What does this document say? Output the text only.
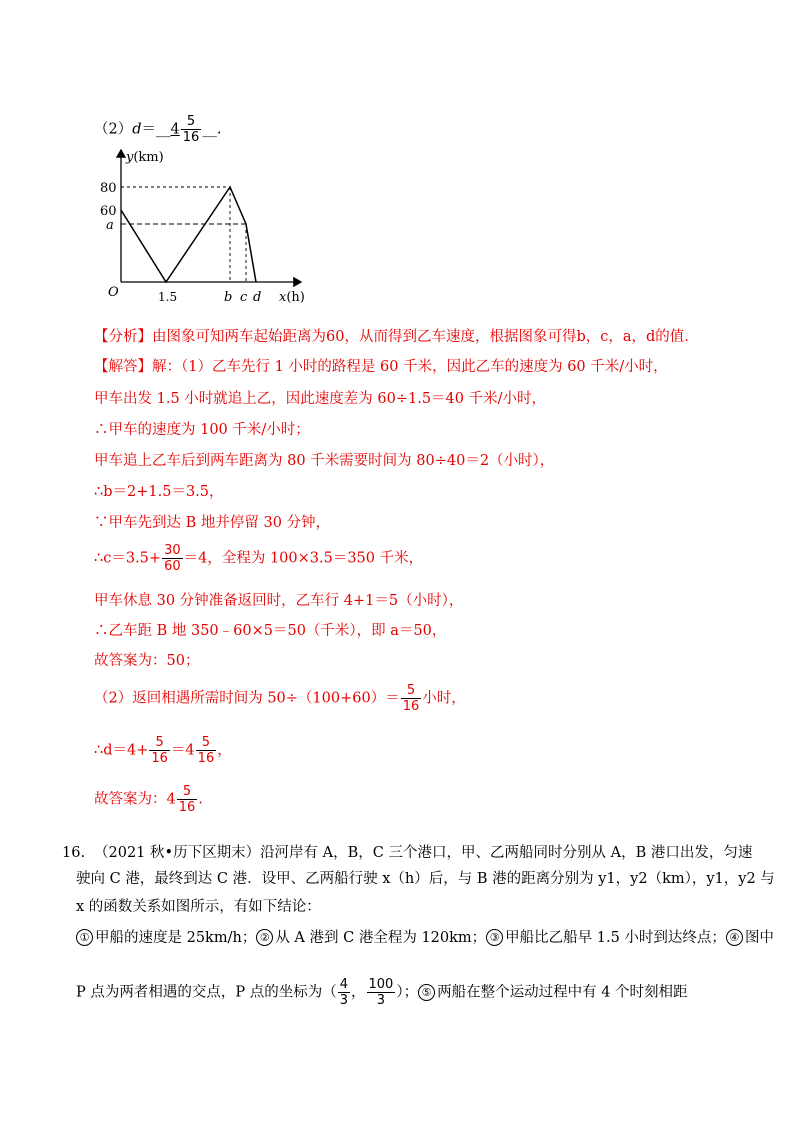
（2）d＝__4 $\frac{5}{16}$ __.
y(km)
x(h)
O
80
60
a
1.5	b c d
【分析】由图象可知两车起始距离为60，从而得到乙车速度，根据图象可得b，c，a，d的值.
【解答】解：（1）乙车先行 1 小时的路程是 60 千米，因此乙车的速度为 60 千米/小时，
甲车出发 1.5 小时就追上乙，因此速度差为 60÷1.5＝40 千米/小时，
∴甲车的速度为 100 千米/小时；
甲车追上乙车后到两车距离为 80 千米需要时间为 80÷40＝2（小时），
∴b＝2+1.5＝3.5，
∵甲车先到达 B 地并停留 30 分钟，
∴c＝3.5+ $\frac{30}{60} =4$，全程为 100×3.5＝350 千米，
甲车休息 30 分钟准备返回时，乙车行 4+1＝5（小时），
∴乙车距 B 地 350﹣60×5＝50（千米），即 a＝50，
故答案为：50；
（2）返回相遇所需时间为 $50\div(100+60)= \frac{5}{16}$ 小时，
∴d＝4+ $\frac{5}{16} =4 \frac{5}{16}$ ，
故答案为：$4 \frac{5}{16}$ .
16. （2021 秋•历下区期末）沿河岸有 A，B，C 三个港口，甲、乙两船同时分别从 A，B 港口出发，匀速
驶向 C 港，最终到达 C 港．设甲、乙两船行驶 x（h）后，与 B 港的距离分别为 y1，y2（km），y1，y2 与
x 的函数关系如图所示，有如下结论：
① 甲船的速度是 25km/h； ② 从 A 港到 C 港全程为 120km； ③ 甲船比乙船早 1.5 小时到达终点； ④ 图中
P 点为两者相遇的交点，P 点的坐标为（ $\frac{4}{3}$ ， $\frac{100}{3}$ ）； ⑤ 两船在整个运动过程中有 4 个时刻相距
